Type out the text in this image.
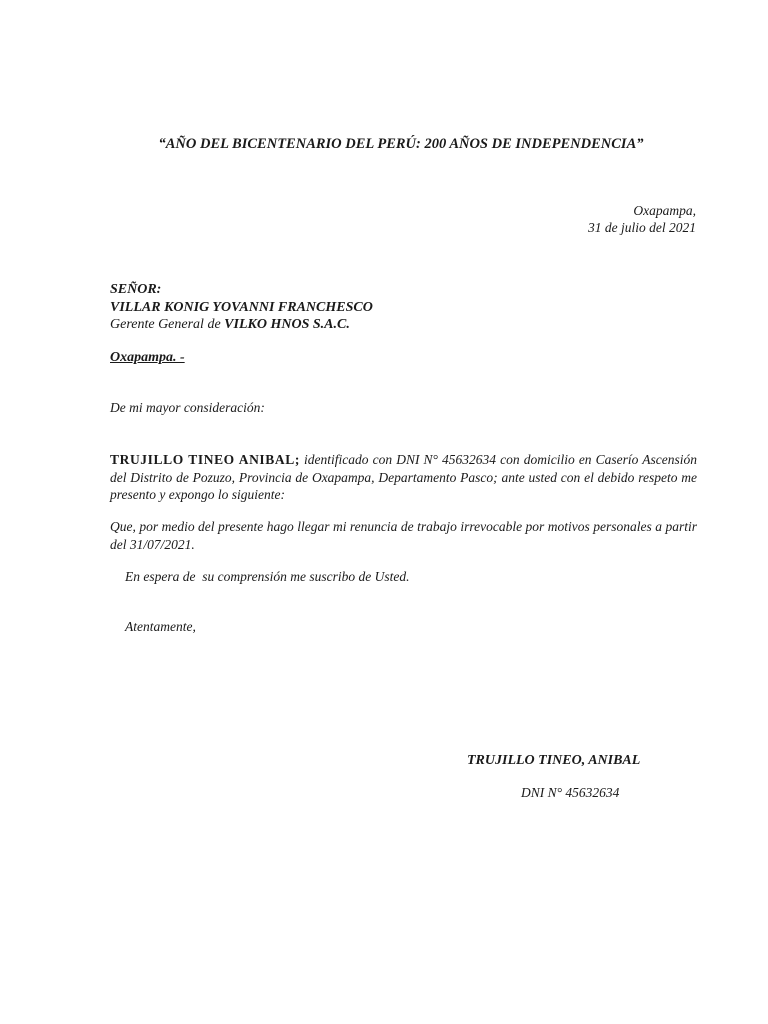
“AÑO DEL BICENTENARIO DEL PERÚ: 200 AÑOS DE INDEPENDENCIA”
Oxapampa,
31 de julio del 2021
SEÑOR:
VILLAR KONIG YOVANNI FRANCHESCO
Gerente General de VILKO HNOS S.A.C.
Oxapampa. -
De mi mayor consideración:
TRUJILLO TINEO ANIBAL; identificado con DNI N° 45632634 con domicilio en Caserío Ascensión del Distrito de Pozuzo, Provincia de Oxapampa, Departamento Pasco; ante usted con el debido respeto me presento y expongo lo siguiente:
Que, por medio del presente hago llegar mi renuncia de trabajo irrevocable por motivos personales a partir del 31/07/2021.
En espera de  su comprensión me suscribo de Usted.
Atentamente,
TRUJILLO TINEO, ANIBAL
DNI N° 45632634
